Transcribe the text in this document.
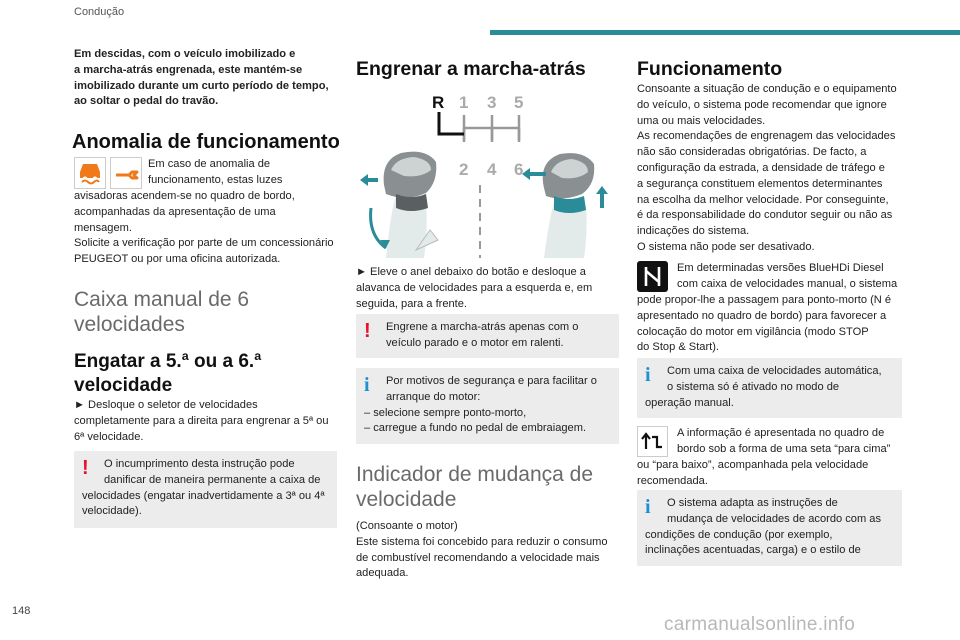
Condução

Em descidas, com o veículo imobilizado e

a marcha-atrás engrenada, este mantém-se

imobilizado durante um curto período de tempo,

ao soltar o pedal do travão.

Anomalia de funcionamento

Em caso de anomalia de

funcionamento, estas luzes

avisadoras acendem-se no quadro de bordo,

acompanhadas da apresentação de uma

mensagem.

Solicite a verificação por parte de um concessionário

PEUGEOT ou por uma oficina autorizada.

Caixa manual de 6

velocidades

Engatar a 5.ª ou a 6.ª

velocidade

► Desloque o seletor de velocidades

completamente para a direita para engrenar a 5ª ou

6ª velocidade.

!	O incumprimento desta instrução pode

danificar de maneira permanente a caixa de

velocidades (engatar inadvertidamente a 3ª ou 4ª

velocidade).

Engrenar a marcha-atrás
R 1 3 5
2 4 6

► Eleve o anel debaixo do botão e desloque a

alavanca de velocidades para a esquerda e, em

seguida, para a frente.

!	Engrene a marcha-atrás apenas com o

veículo parado e o motor em ralenti.

i	Por motivos de segurança e para facilitar o

arranque do motor:

– selecione sempre ponto-morto,

– carregue a fundo no pedal de embraiagem.

Indicador de mudança de

velocidade

(Consoante o motor)

Este sistema foi concebido para reduzir o consumo

de combustível recomendando a velocidade mais

adequada.

Funcionamento

Consoante a situação de condução e o equipamento

do veículo, o sistema pode recomendar que ignore

uma ou mais velocidades.

As recomendações de engrenagem das velocidades

não são consideradas obrigatórias. De facto, a

configuração da estrada, a densidade de tráfego e

a segurança constituem elementos determinantes

na escolha da melhor velocidade. Por conseguinte,

é da responsabilidade do condutor seguir ou não as

indicações do sistema.

O sistema não pode ser desativado.

Em determinadas versões BlueHDi Diesel

com caixa de velocidades manual, o sistema

pode propor-lhe a passagem para ponto-morto (N é

apresentado no quadro de bordo) para favorecer a

colocação do motor em vigilância (modo STOP

do Stop & Start).

i	Com uma caixa de velocidades automática,

o sistema só é ativado no modo de

operação manual.

A informação é apresentada no quadro de

bordo sob a forma de uma seta “para cima”

ou “para baixo”, acompanhada pela velocidade

recomendada.

i	O sistema adapta as instruções de

mudança de velocidades de acordo com as

condições de condução (por exemplo,

inclinações acentuadas, carga) e o estilo de

148
carmanualsonline.info
